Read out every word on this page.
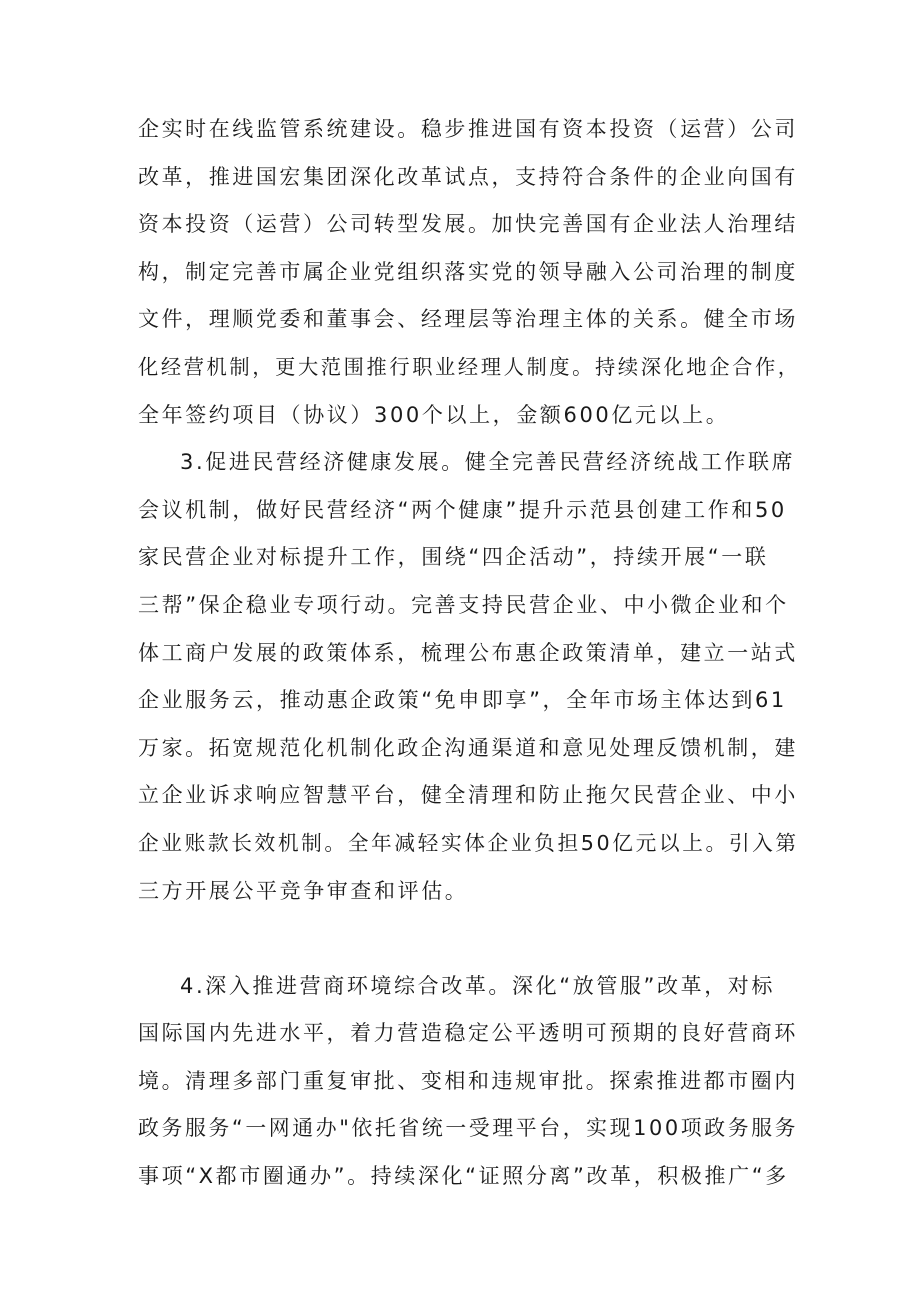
企实时在线监管系统建设。稳步推进国有资本投资（运营）公司
改革，推进国宏集团深化改革试点，支持符合条件的企业向国有
资本投资（运营）公司转型发展。加快完善国有企业法人治理结
构，制定完善市属企业党组织落实党的领导融入公司治理的制度
文件，理顺党委和董事会、经理层等治理主体的关系。健全市场
化经营机制，更大范围推行职业经理人制度。持续深化地企合作，
全年签约项目（协议）300个以上，金额600亿元以上。
3.促进民营经济健康发展。健全完善民营经济统战工作联席
会议机制，做好民营经济“两个健康”提升示范县创建工作和50
家民营企业对标提升工作，围绕“四企活动”，持续开展“一联
三帮”保企稳业专项行动。完善支持民营企业、中小微企业和个
体工商户发展的政策体系，梳理公布惠企政策清单，建立一站式
企业服务云，推动惠企政策“免申即享”，全年市场主体达到61
万家。拓宽规范化机制化政企沟通渠道和意见处理反馈机制，建
立企业诉求响应智慧平台，健全清理和防止拖欠民营企业、中小
企业账款长效机制。全年减轻实体企业负担50亿元以上。引入第
三方开展公平竞争审查和评估。
4.深入推进营商环境综合改革。深化“放管服”改革，对标
国际国内先进水平，着力营造稳定公平透明可预期的良好营商环
境。清理多部门重复审批、变相和违规审批。探索推进都市圈内
政务服务“一网通办"依托省统一受理平台，实现100项政务服务
事项“X都市圈通办”。持续深化“证照分离”改革，积极推广“多
